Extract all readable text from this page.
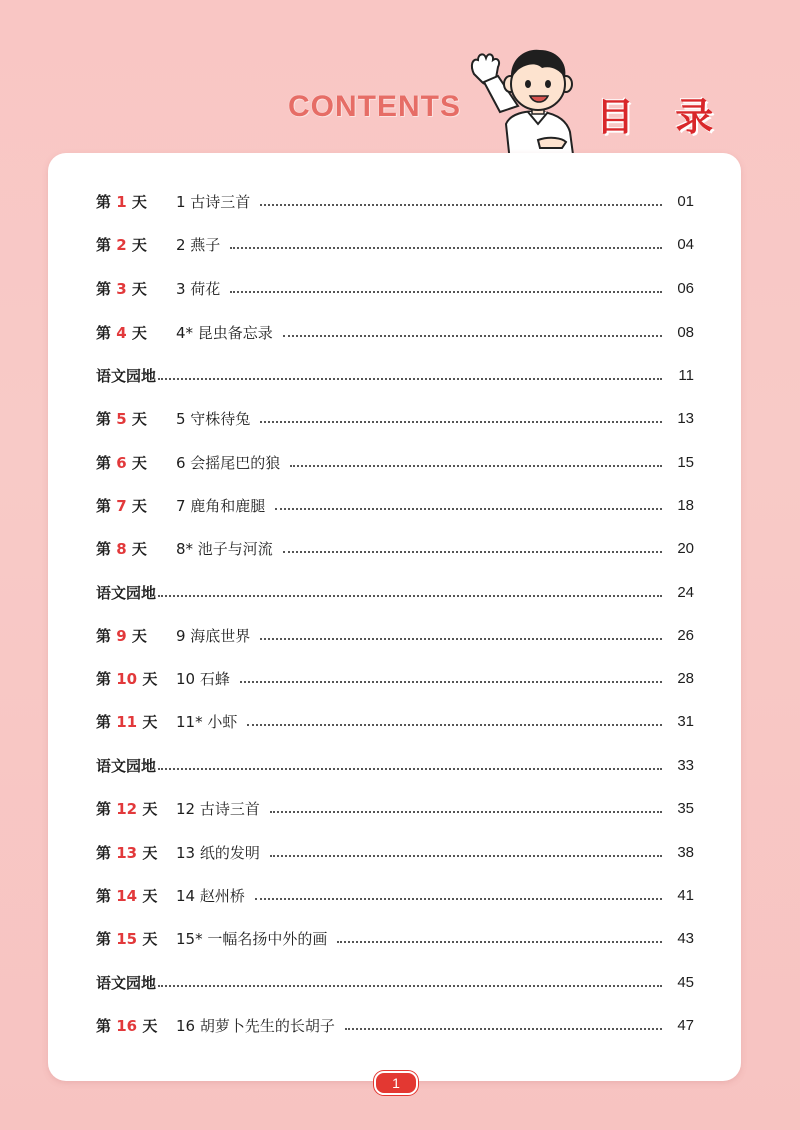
CONTENTS	目 录
第 1 天	1 古诗三首	01
第 2 天	2 燕子	04
第 3 天	3 荷花	06
第 4 天	4* 昆虫备忘录	08
语文园地	11
第 5 天	5 守株待兔	13
第 6 天	6 会摇尾巴的狼	15
第 7 天	7 鹿角和鹿腿	18
第 8 天	8* 池子与河流	20
语文园地	24
第 9 天	9 海底世界	26
第 10 天	10 石蜂	28
第 11 天	11* 小虾	31
语文园地	33
第 12 天	12 古诗三首	35
第 13 天	13 纸的发明	38
第 14 天	14 赵州桥	41
第 15 天	15* 一幅名扬中外的画	43
语文园地	45
第 16 天	16 胡萝卜先生的长胡子	47
1
